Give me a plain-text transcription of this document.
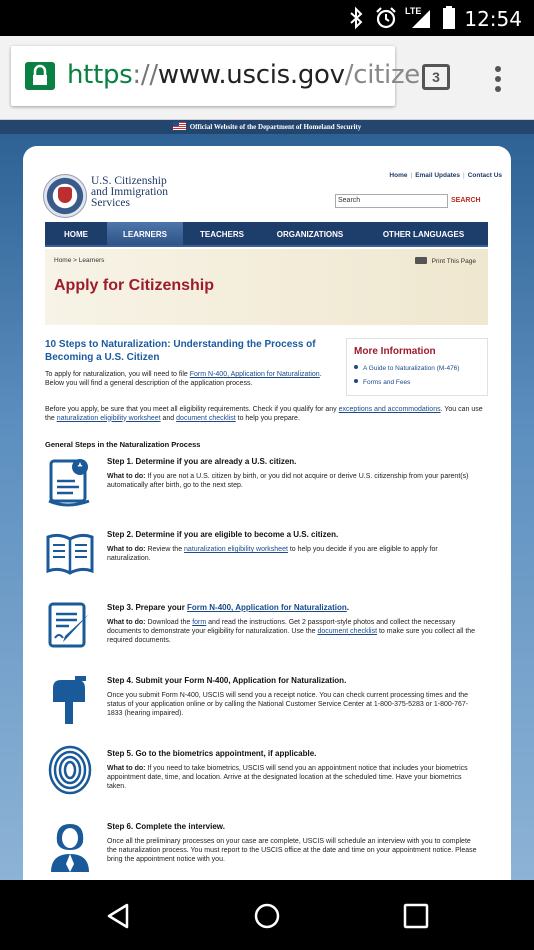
LTE 12:54
https://www.uscis.gov/citize 3
Official Website of the Department of Homeland Security
U.S. Citizenship
and Immigration
Services
Home | Email Updates | Contact Us
Search	SEARCH
HOME	LEARNERS	TEACHERS	ORGANIZATIONS	OTHER LANGUAGES
Home > Learners	Print This Page
Apply for Citizenship
10 Steps to Naturalization: Understanding the Process of Becoming a U.S. Citizen
To apply for naturalization, you will need to file Form N-400, Application for Naturalization. Below you will find a general description of the application process.
More Information
A Guide to Naturalization (M-476)
Forms and Fees
Before you apply, be sure that you meet all eligibility requirements. Check if you qualify for any exceptions and accommodations. You can use the naturalization eligibility worksheet and document checklist to help you prepare.
General Steps in the Naturalization Process
Step 1. Determine if you are already a U.S. citizen.
What to do: If you are not a U.S. citizen by birth, or you did not acquire or derive U.S. citizenship from your parent(s) automatically after birth, go to the next step.
Step 2. Determine if you are eligible to become a U.S. citizen.
What to do: Review the naturalization eligibility worksheet to help you decide if you are eligible to apply for naturalization.
Step 3. Prepare your Form N-400, Application for Naturalization.
What to do: Download the form and read the instructions. Get 2 passport-style photos and collect the necessary documents to demonstrate your eligibility for naturalization. Use the document checklist to make sure you collect all the required documents.
Step 4. Submit your Form N-400, Application for Naturalization.
Once you submit Form N-400, USCIS will send you a receipt notice. You can check current processing times and the status of your application online or by calling the National Customer Service Center at 1-800-375-5283 or 1-800-767-1833 (hearing impaired).
Step 5. Go to the biometrics appointment, if applicable.
What to do: If you need to take biometrics, USCIS will send you an appointment notice that includes your biometrics appointment date, time, and location. Arrive at the designated location at the scheduled time. Have your biometrics taken.
Step 6. Complete the interview.
Once all the preliminary processes on your case are complete, USCIS will schedule an interview with you to complete the naturalization process. You must report to the USCIS office at the date and time on your appointment notice. Please bring the appointment notice with you.
